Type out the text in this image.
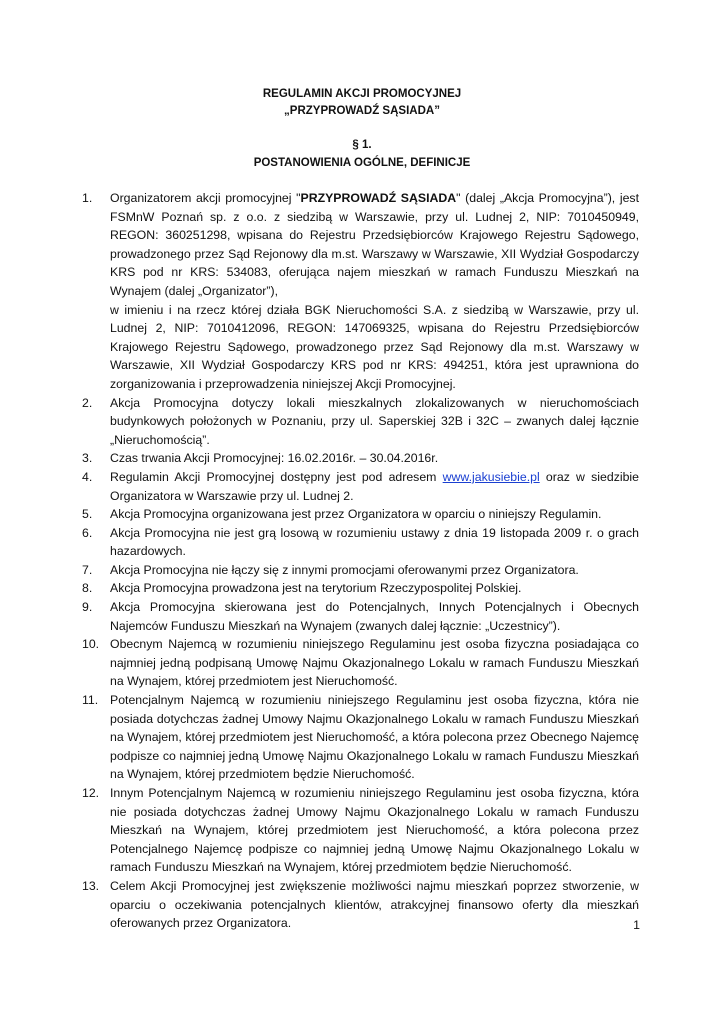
REGULAMIN AKCJI PROMOCYJNEJ
„PRZYPROWADŹ SĄSIADA”
§ 1.
POSTANOWIENIA OGÓLNE, DEFINICJE
1.	Organizatorem akcji promocyjnej "PRZYPROWADŹ SĄSIADA" (dalej „Akcja Promocyjna”), jest FSMnW Poznań sp. z o.o. z siedzibą w Warszawie, przy ul. Ludnej 2, NIP: 7010450949, REGON: 360251298, wpisana do Rejestru Przedsiębiorców Krajowego Rejestru Sądowego, prowadzonego przez Sąd Rejonowy dla m.st. Warszawy w Warszawie, XII Wydział Gospodarczy KRS pod nr KRS: 534083, oferująca najem mieszkań w ramach Funduszu Mieszkań na Wynajem (dalej „Organizator”),
w imieniu i na rzecz której działa BGK Nieruchomości S.A. z siedzibą w Warszawie, przy ul. Ludnej 2, NIP: 7010412096, REGON: 147069325, wpisana do Rejestru Przedsiębiorców Krajowego Rejestru Sądowego, prowadzonego przez Sąd Rejonowy dla m.st. Warszawy w Warszawie, XII Wydział Gospodarczy KRS pod nr KRS: 494251, która jest uprawniona do zorganizowania i przeprowadzenia niniejszej Akcji Promocyjnej.
2.	Akcja Promocyjna dotyczy lokali mieszkalnych zlokalizowanych w nieruchomościach budynkowych położonych w Poznaniu, przy ul. Saperskiej 32B i 32C – zwanych dalej łącznie „Nieruchomością”.
3.	Czas trwania Akcji Promocyjnej: 16.02.2016r. – 30.04.2016r.
4.	Regulamin Akcji Promocyjnej dostępny jest pod adresem www.jakusiebie.pl oraz w siedzibie Organizatora w Warszawie przy ul. Ludnej 2.
5.	Akcja Promocyjna organizowana jest przez Organizatora w oparciu o niniejszy Regulamin.
6.	Akcja Promocyjna nie jest grą losową w rozumieniu ustawy z dnia 19 listopada 2009 r. o grach hazardowych.
7.	Akcja Promocyjna nie łączy się z innymi promocjami oferowanymi przez Organizatora.
8.	Akcja Promocyjna prowadzona jest na terytorium Rzeczypospolitej Polskiej.
9.	Akcja Promocyjna skierowana jest do Potencjalnych, Innych Potencjalnych i Obecnych Najemców Funduszu Mieszkań na Wynajem (zwanych dalej łącznie: „Uczestnicy”).
10. Obecnym Najemcą w rozumieniu niniejszego Regulaminu jest osoba fizyczna posiadająca co najmniej jedną podpisaną Umowę Najmu Okazjonalnego Lokalu w ramach Funduszu Mieszkań na Wynajem, której przedmiotem jest Nieruchomość.
11. Potencjalnym Najemcą w rozumieniu niniejszego Regulaminu jest osoba fizyczna, która nie posiada dotychczas żadnej Umowy Najmu Okazjonalnego Lokalu w ramach Funduszu Mieszkań na Wynajem, której przedmiotem jest Nieruchomość, a która polecona przez Obecnego Najemcę podpisze co najmniej jedną Umowę Najmu Okazjonalnego Lokalu w ramach Funduszu Mieszkań na Wynajem, której przedmiotem będzie Nieruchomość.
12. Innym Potencjalnym Najemcą w rozumieniu niniejszego Regulaminu jest osoba fizyczna, która nie posiada dotychczas żadnej Umowy Najmu Okazjonalnego Lokalu w ramach Funduszu Mieszkań na Wynajem, której przedmiotem jest Nieruchomość, a która polecona przez Potencjalnego Najemcę podpisze co najmniej jedną Umowę Najmu Okazjonalnego Lokalu w ramach Funduszu Mieszkań na Wynajem, której przedmiotem będzie Nieruchomość.
13. Celem Akcji Promocyjnej jest zwiększenie możliwości najmu mieszkań poprzez stworzenie, w oparciu o oczekiwania potencjalnych klientów, atrakcyjnej finansowo oferty dla mieszkań oferowanych przez Organizatora.	1
